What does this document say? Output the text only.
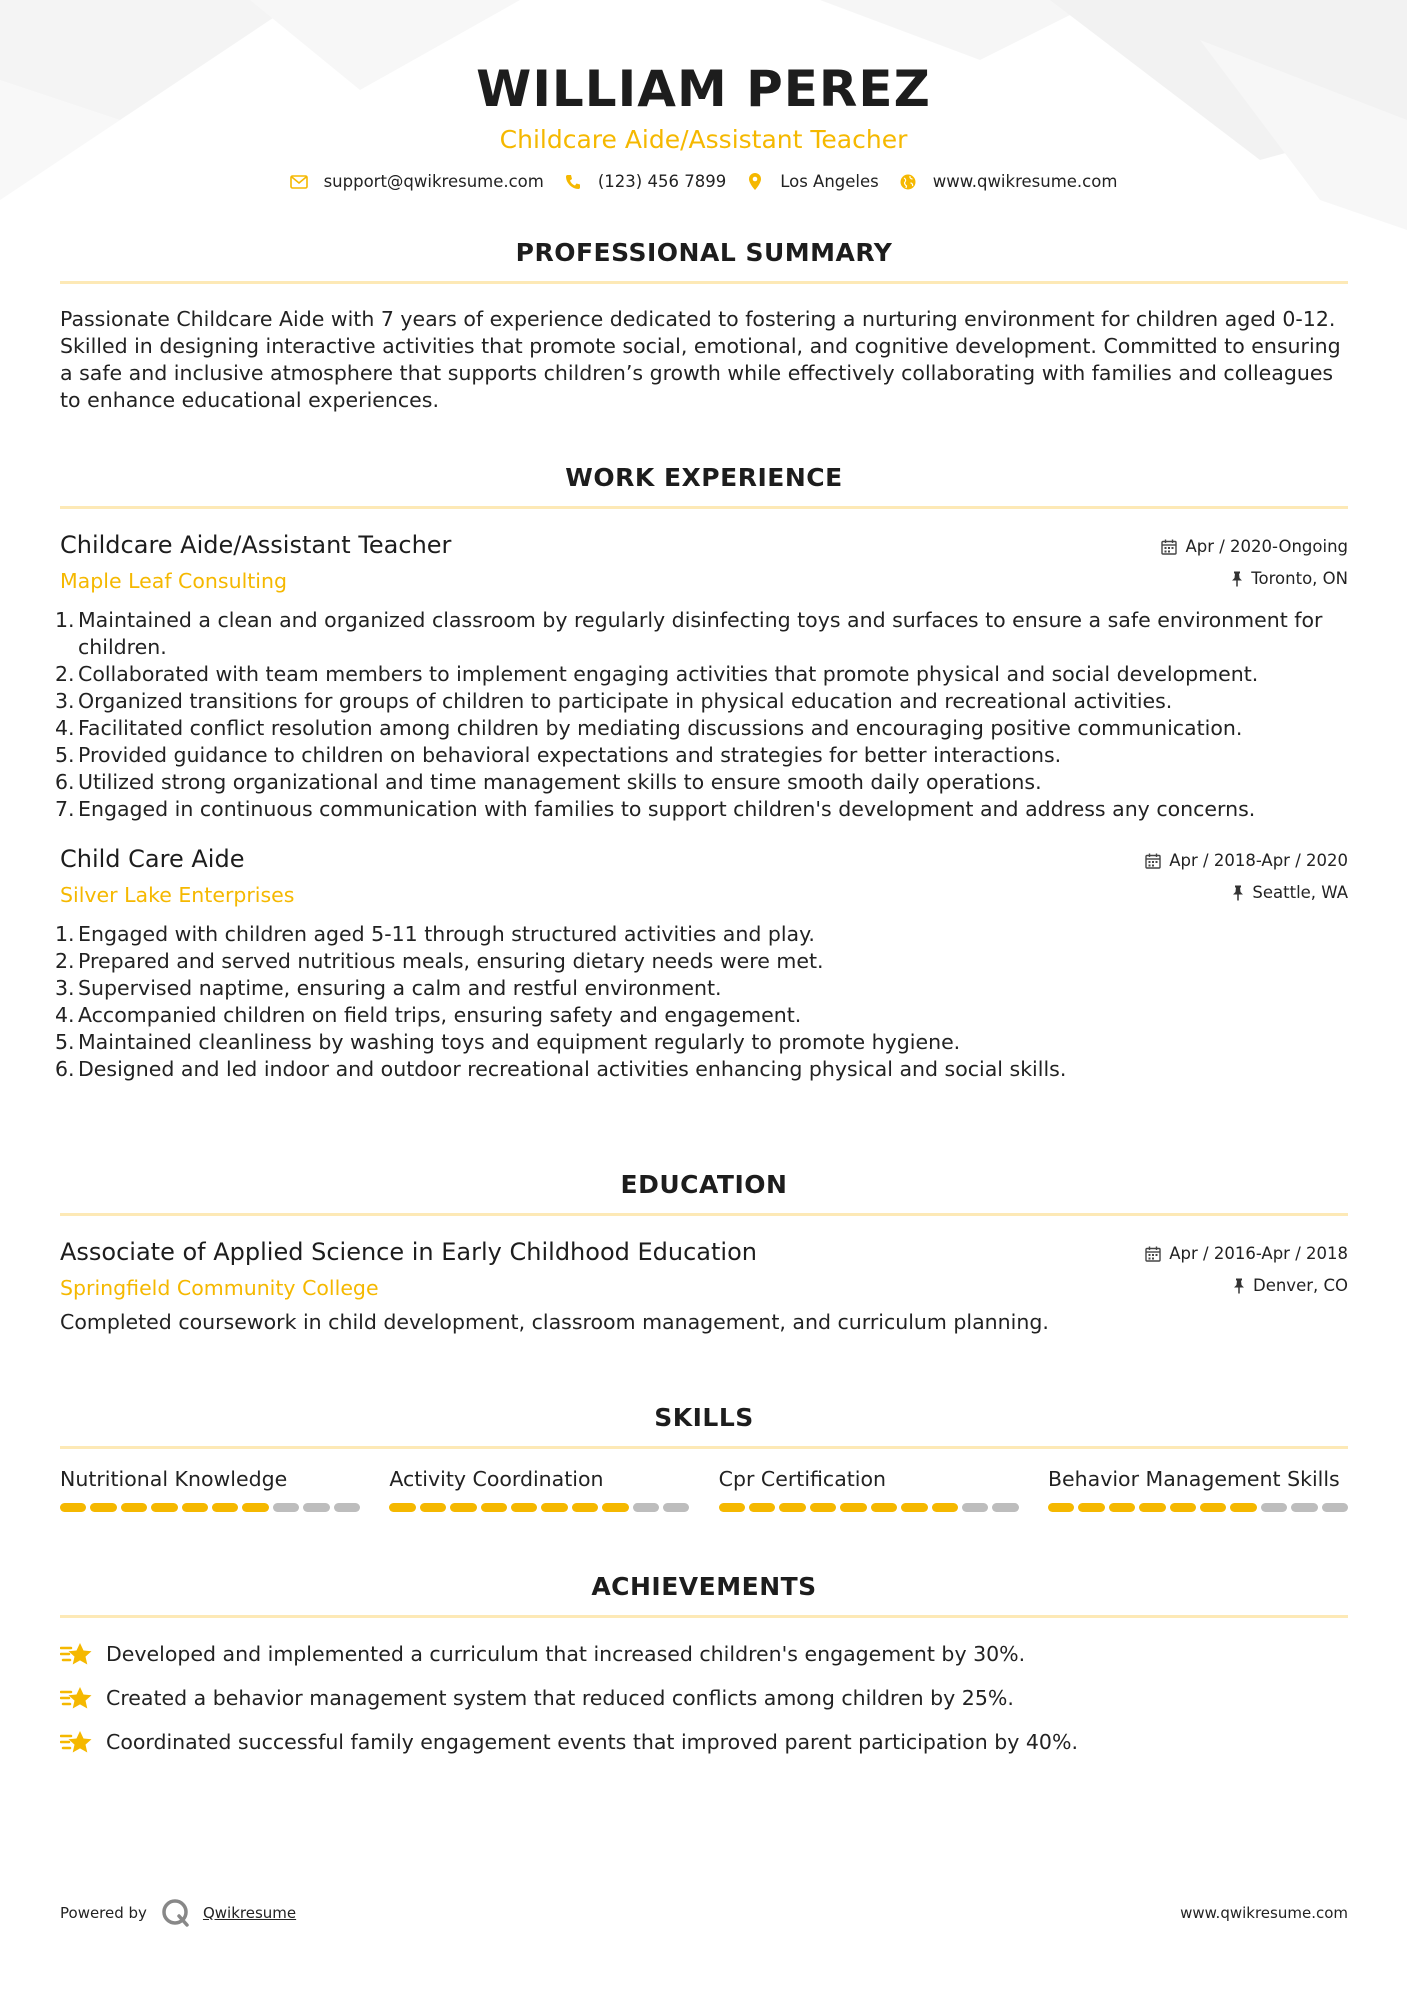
WILLIAM PEREZ
Childcare Aide/Assistant Teacher
support@qwikresume.com	(123) 456 7899	Los Angeles	www.qwikresume.com
PROFESSIONAL SUMMARY
Passionate Childcare Aide with 7 years of experience dedicated to fostering a nurturing environment for children aged 0-12. Skilled in designing interactive activities that promote social, emotional, and cognitive development. Committed to ensuring a safe and inclusive atmosphere that supports children’s growth while effectively collaborating with families and colleagues to enhance educational experiences.
WORK EXPERIENCE
Apr / 2020-Ongoing
Toronto, ON
Childcare Aide/Assistant Teacher
Maple Leaf Consulting
1. Maintained a clean and organized classroom by regularly disinfecting toys and surfaces to ensure a safe environment for children.
2. Collaborated with team members to implement engaging activities that promote physical and social development.
3. Organized transitions for groups of children to participate in physical education and recreational activities.
4. Facilitated conflict resolution among children by mediating discussions and encouraging positive communication.
5. Provided guidance to children on behavioral expectations and strategies for better interactions.
6. Utilized strong organizational and time management skills to ensure smooth daily operations.
7. Engaged in continuous communication with families to support children's development and address any concerns.
Apr / 2018-Apr / 2020
Seattle, WA
Child Care Aide
Silver Lake Enterprises
1. Engaged with children aged 5-11 through structured activities and play.
2. Prepared and served nutritious meals, ensuring dietary needs were met.
3. Supervised naptime, ensuring a calm and restful environment.
4. Accompanied children on field trips, ensuring safety and engagement.
5. Maintained cleanliness by washing toys and equipment regularly to promote hygiene.
6. Designed and led indoor and outdoor recreational activities enhancing physical and social skills.
EDUCATION
Apr / 2016-Apr / 2018
Denver, CO
Associate of Applied Science in Early Childhood Education
Springfield Community College
Completed coursework in child development, classroom management, and curriculum planning.
SKILLS
Nutritional Knowledge	Activity Coordination	Cpr Certification	Behavior Management Skills
ACHIEVEMENTS
Developed and implemented a curriculum that increased children's engagement by 30%.
Created a behavior management system that reduced conflicts among children by 25%.
Coordinated successful family engagement events that improved parent participation by 40%.
Powered by	Qwikresume	www.qwikresume.com
